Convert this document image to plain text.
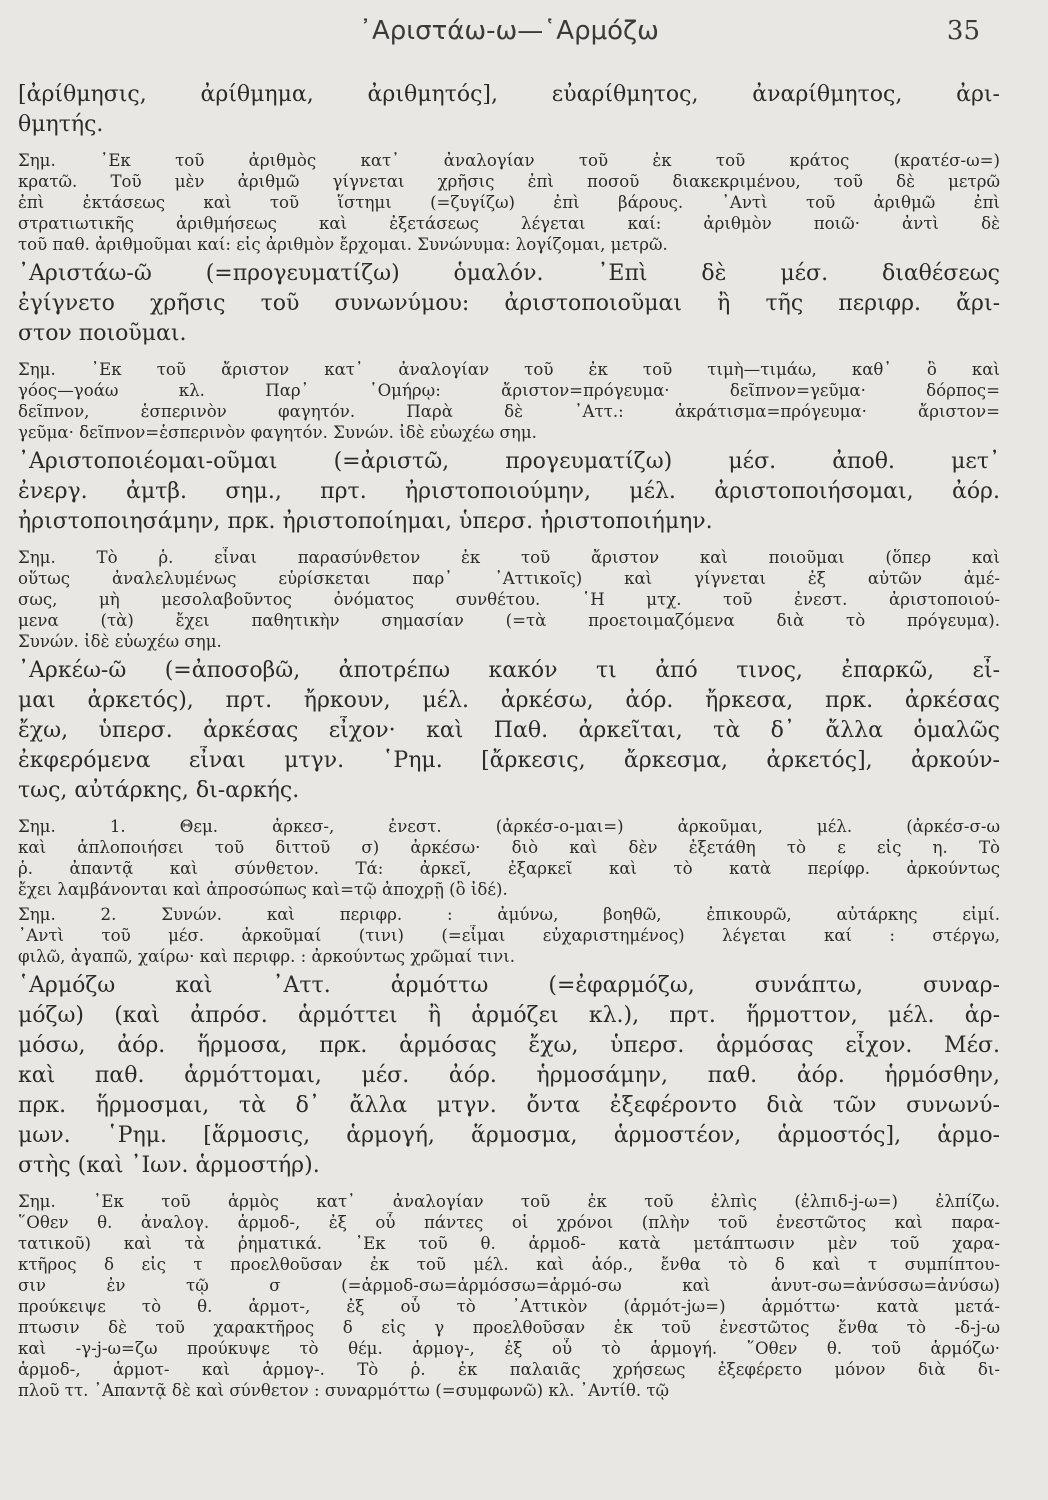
᾿Αριστάω-ω—῾Αρμόζω	35
[ἀρίθμησις, ἀρίθμημα, ἀριθμητός], εὐαρίθμητος, ἀναρίθμητος, ἀρι-
θμητής.
Σημ. ᾿Εκ τοῦ ἀριθμὸς κατ᾿ ἀναλογίαν τοῦ ἐκ τοῦ κράτος (κρατέσ-ω=)
κρατῶ. Τοῦ μὲν ἀριθμῶ γίγνεται χρῆσις ἐπὶ ποσοῦ διακεκριμένου, τοῦ δὲ μετρῶ
ἐπὶ ἐκτάσεως καὶ τοῦ ἵστημι (=ζυγίζω) ἐπὶ βάρους. ᾿Αντὶ τοῦ ἀριθμῶ ἐπὶ
στρατιωτικῆς ἀριθμήσεως καὶ ἐξετάσεως λέγεται καί: ἀριθμὸν ποιῶ· ἀντὶ δὲ
τοῦ παθ. ἀριθμοῦμαι καί: εἰς ἀριθμὸν ἔρχομαι. Συνώνυμα: λογίζομαι, μετρῶ.
᾿Αριστάω-ῶ (=προγευματίζω) ὁμαλόν. ᾿Επὶ δὲ μέσ. διαθέσεως
ἐγίγνετο χρῆσις τοῦ συνωνύμου: ἀριστοποιοῦμαι ἢ τῆς περιφρ. ἄρι-
στον ποιοῦμαι.
Σημ. ᾿Εκ τοῦ ἄριστον κατ᾿ ἀναλογίαν τοῦ ἐκ τοῦ τιμὴ—τιμάω, καθ᾿ ὃ καὶ
γόος—γοάω κλ. Παρ᾿ ῾Ομήρῳ: ἄριστον=πρόγευμα· δεῖπνον=γεῦμα· δόρπος=
δεῖπνον, ἑσπερινὸν φαγητόν. Παρὰ δὲ ᾿Αττ.: ἀκράτισμα=πρόγευμα· ἄριστον=
γεῦμα· δεῖπνον=ἑσπερινὸν φαγητόν. Συνών. ἰδὲ εὐωχέω σημ.
᾿Αριστοποιέομαι-οῦμαι (=ἀριστῶ, προγευματίζω) μέσ. ἀποθ. μετ᾿
ἐνεργ. ἀμτβ. σημ., πρτ. ἠριστοποιούμην, μέλ. ἀριστοποιήσομαι, ἀόρ.
ἠριστοποιησάμην, πρκ. ἠριστοποίημαι, ὑπερσ. ἠριστοποιήμην.
Σημ. Τὸ ῥ. εἶναι παρασύνθετον ἐκ τοῦ ἄριστον καὶ ποιοῦμαι (ὅπερ καὶ
οὕτως ἀναλελυμένως εὑρίσκεται παρ᾿ ᾿Αττικοῖς) καὶ γίγνεται ἐξ αὐτῶν ἀμέ-
σως, μὴ μεσολαβοῦντος ὀνόματος συνθέτου. ῾Η μτχ. τοῦ ἐνεστ. ἀριστοποιού-
μενα (τὰ) ἔχει παθητικὴν σημασίαν (=τὰ προετοιμαζόμενα διὰ τὸ πρόγευμα).
Συνών. ἰδὲ εὐωχέω σημ.
᾿Αρκέω-ῶ (=ἀποσοβῶ, ἀποτρέπω κακόν τι ἀπό τινος, ἐπαρκῶ, εἶ-
μαι ἀρκετός), πρτ. ἤρκουν, μέλ. ἀρκέσω, ἀόρ. ἤρκεσα, πρκ. ἀρκέσας
ἔχω, ὑπερσ. ἀρκέσας εἶχον· καὶ Παθ. ἀρκεῖται, τὰ δ᾿ ἄλλα ὁμαλῶς
ἐκφερόμενα εἶναι μτγν. ῾Ρημ. [ἄρκεσις, ἄρκεσμα, ἀρκετός], ἀρκούν-
τως, αὐτάρκης, δι-αρκής.
Σημ. 1. Θεμ. ἀρκεσ-, ἐνεστ. (ἀρκέσ-ο-μαι=) ἀρκοῦμαι, μέλ. (ἀρκέσ-σ-ω
καὶ ἁπλοποιήσει τοῦ διττοῦ σ) ἀρκέσω· διὸ καὶ δὲν ἐξετάθη τὸ ε εἰς η. Τὸ
ῥ. ἀπαντᾷ καὶ σύνθετον. Τά: ἀρκεῖ, ἐξαρκεῖ καὶ τὸ κατὰ περίφρ. ἀρκούντως
ἔχει λαμβάνονται καὶ ἀπροσώπως καὶ=τῷ ἀποχρῇ (ὃ ἰδέ).
Σημ. 2. Συνών. καὶ περιφρ. : ἀμύνω, βοηθῶ, ἐπικουρῶ, αὐτάρκης εἰμί.
᾿Αντὶ τοῦ μέσ. ἀρκοῦμαί (τινι) (=εἶμαι εὐχαριστημένος) λέγεται καί : στέργω,
φιλῶ, ἀγαπῶ, χαίρω· καὶ περιφρ. : ἀρκούντως χρῶμαί τινι.
῾Αρμόζω καὶ ᾿Αττ. ἁρμόττω (=ἐφαρμόζω, συνάπτω, συναρ-
μόζω) (καὶ ἀπρόσ. ἁρμόττει ἢ ἁρμόζει κλ.), πρτ. ἥρμοττον, μέλ. ἁρ-
μόσω, ἀόρ. ἥρμοσα, πρκ. ἁρμόσας ἔχω, ὑπερσ. ἁρμόσας εἶχον. Μέσ.
καὶ παθ. ἁρμόττομαι, μέσ. ἀόρ. ἡρμοσάμην, παθ. ἀόρ. ἡρμόσθην,
πρκ. ἥρμοσμαι, τὰ δ᾿ ἄλλα μτγν. ὄντα ἐξεφέροντο διὰ τῶν συνωνύ-
μων. ῾Ρημ. [ἅρμοσις, ἁρμογή, ἅρμοσμα, ἁρμοστέον, ἁρμοστός], ἁρμο-
στὴς (καὶ ᾿Ιων. ἁρμοστήρ).
Σημ. ᾿Εκ τοῦ ἁρμὸς κατ᾿ ἀναλογίαν τοῦ ἐκ τοῦ ἐλπὶς (ἐλπιδ-j-ω=) ἐλπίζω.
῞Οθεν θ. ἀναλογ. ἁρμοδ-, ἐξ οὗ πάντες οἱ χρόνοι (πλὴν τοῦ ἐνεστῶτος καὶ παρα-
τατικοῦ) καὶ τὰ ῥηματικά. ᾿Εκ τοῦ θ. ἁρμοδ- κατὰ μετάπτωσιν μὲν τοῦ χαρα-
κτῆρος δ εἰς τ προελθοῦσαν ἐκ τοῦ μέλ. καὶ ἀόρ., ἔνθα τὸ δ καὶ τ συμπίπτου-
σιν ἐν τῷ σ (=ἁρμοδ-σω=ἁρμόσσω=ἁρμό-σω καὶ ἀνυτ-σω=ἀνύσσω=ἀνύσω)
προύκειψε τὸ θ. ἁρμοτ-, ἐξ οὗ τὸ ᾿Αττικὸν (ἁρμότ-jω=) ἁρμόττω· κατὰ μετά-
πτωσιν δὲ τοῦ χαρακτῆρος δ εἰς γ προελθοῦσαν ἐκ τοῦ ἐνεστῶτος ἔνθα τὸ -δ-j-ω
καὶ -γ-j-ω=ζω προύκυψε τὸ θέμ. ἁρμογ-, ἐξ οὗ τὸ ἁρμογή. ῞Οθεν θ. τοῦ ἁρμόζω·
ἁρμοδ-, ἁρμοτ- καὶ ἁρμογ-. Τὸ ῥ. ἐκ παλαιᾶς χρήσεως ἐξεφέρετο μόνον διὰ δι-
πλοῦ ττ. ᾿Απαντᾷ δὲ καὶ σύνθετον : συναρμόττω (=συμφωνῶ) κλ. ᾿Αντίθ. τῷ
